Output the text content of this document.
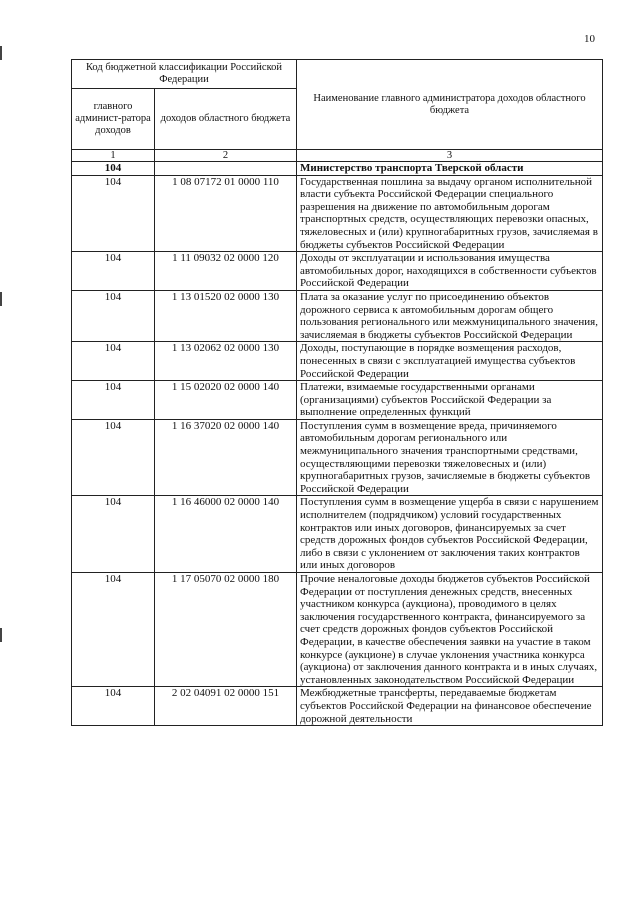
10
Код бюджетной классификации Российской Федерации		Наименование главного администратора доходов областного бюджета
главного админист-ратора доходов	доходов областного бюджета	
1	2	3
104		Министерство транспорта Тверской области
104	1 08 07172 01 0000 110	Государственная пошлина за выдачу органом исполнительной власти субъекта Российской Федерации специального разрешения на движение по автомобильным дорогам транспортных средств, осуществляющих перевозки опасных, тяжеловесных и (или) крупногабаритных грузов, зачисляемая в бюджеты субъектов Российской Федерации
104	1 11 09032 02 0000 120	Доходы от эксплуатации и использования имущества автомобильных дорог, находящихся в собственности субъектов Российской Федерации
104	1 13 01520 02 0000 130	Плата за оказание услуг по присоединению объектов дорожного сервиса к автомобильным дорогам общего пользования регионального или межмуниципального значения, зачисляемая в бюджеты субъектов Российской Федерации
104	1 13 02062 02 0000 130	Доходы, поступающие в порядке возмещения расходов, понесенных в связи с эксплуатацией имущества субъектов Российской Федерации
104	1 15 02020 02 0000 140	Платежи, взимаемые государственными органами (организациями) субъектов Российской Федерации за выполнение определенных функций
104	1 16 37020 02 0000 140	Поступления сумм в возмещение вреда, причиняемого автомобильным дорогам регионального или межмуниципального значения транспортными средствами, осуществляющими перевозки тяжеловесных и (или) крупногабаритных грузов, зачисляемые в бюджеты субъектов Российской Федерации
104	1 16 46000 02 0000 140	Поступления сумм в возмещение ущерба в связи с нарушением исполнителем (подрядчиком) условий государственных контрактов или иных договоров, финансируемых за счет средств дорожных фондов субъектов Российской Федерации, либо в связи с уклонением от заключения таких контрактов или иных договоров
104	1 17 05070 02 0000 180	Прочие неналоговые доходы бюджетов субъектов Российской Федерации от поступления денежных средств, внесенных участником конкурса (аукциона), проводимого в целях заключения государственного контракта, финансируемого за счет средств дорожных фондов субъектов Российской Федерации, в качестве обеспечения заявки на участие в таком конкурсе (аукционе) в случае уклонения участника конкурса (аукциона) от заключения данного контракта и в иных случаях, установленных законодательством Российской Федерации
104	2 02 04091 02 0000 151	Межбюджетные трансферты, передаваемые бюджетам субъектов Российской Федерации на финансовое обеспечение дорожной деятельности
